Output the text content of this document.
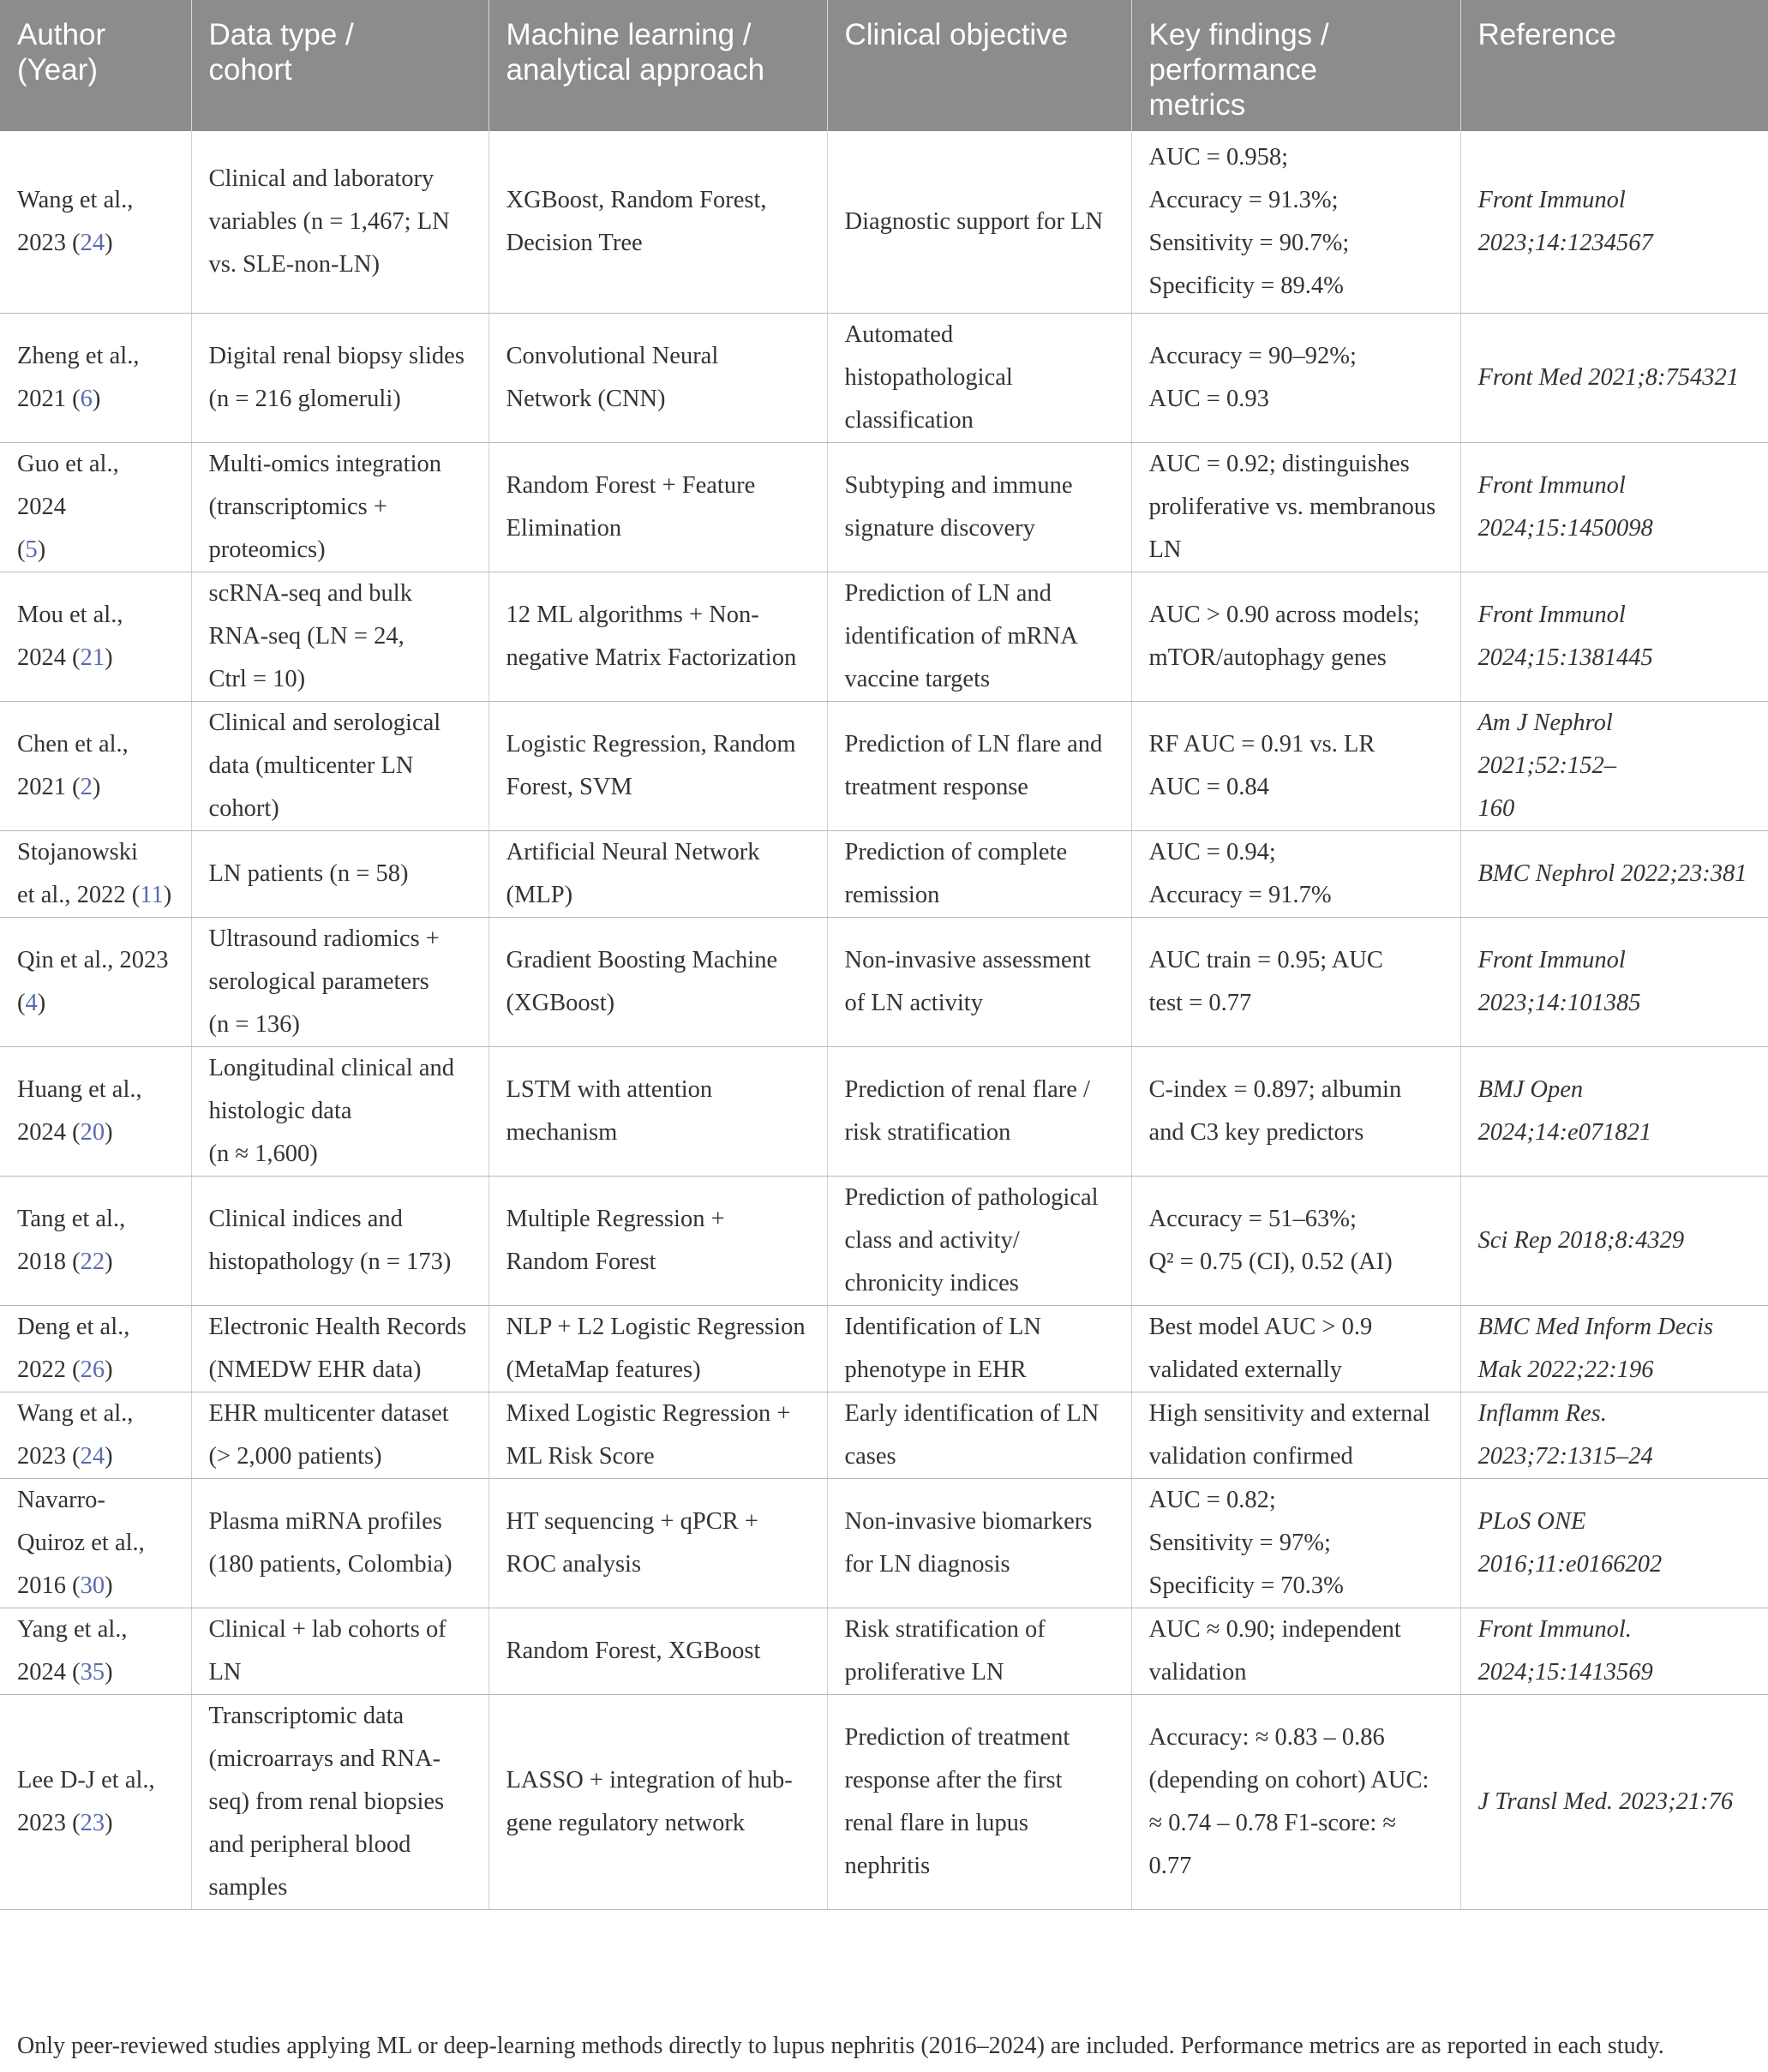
Author
(Year)	Data type /
cohort	Machine learning /
analytical approach	Clinical objective	Key findings /
performance
metrics	Reference

Wang et al.,
2023 (24)	Clinical and laboratory
variables (n = 1,467; LN
vs. SLE-non-LN)	XGBoost, Random Forest,
Decision Tree	Diagnostic support for LN	AUC = 0.958;
Accuracy = 91.3%;
Sensitivity = 90.7%;
Specificity = 89.4%	Front Immunol
2023;14:1234567

Zheng et al.,
2021 (6)	Digital renal biopsy slides
(n = 216 glomeruli)	Convolutional Neural
Network (CNN)	Automated
histopathological
classification	Accuracy = 90–92%;
AUC = 0.93	Front Med 2021;8:754321

Guo et al., 2024
(5)	Multi-omics integration
(transcriptomics +
proteomics)	Random Forest + Feature
Elimination	Subtyping and immune
signature discovery	AUC = 0.92; distinguishes
proliferative vs. membranous
LN	Front Immunol
2024;15:1450098

Mou et al.,
2024 (21)	scRNA-seq and bulk
RNA-seq (LN = 24,
Ctrl = 10)	12 ML algorithms + Non-
negative Matrix Factorization	Prediction of LN and
identification of mRNA
vaccine targets	AUC > 0.90 across models;
mTOR/autophagy genes	Front Immunol
2024;15:1381445

Chen et al.,
2021 (2)	Clinical and serological
data (multicenter LN
cohort)	Logistic Regression, Random
Forest, SVM	Prediction of LN flare and
treatment response	RF AUC = 0.91 vs. LR
AUC = 0.84	Am J Nephrol 2021;52:152–
160

Stojanowski
et al., 2022 (11)	LN patients (n = 58)	Artificial Neural Network
(MLP)	Prediction of complete
remission	AUC = 0.94;
Accuracy = 91.7%	BMC Nephrol 2022;23:381

Qin et al., 2023
(4)	Ultrasound radiomics +
serological parameters
(n = 136)	Gradient Boosting Machine
(XGBoost)	Non-invasive assessment
of LN activity	AUC train = 0.95; AUC
test = 0.77	Front Immunol
2023;14:101385

Huang et al.,
2024 (20)	Longitudinal clinical and
histologic data
(n ≈ 1,600)	LSTM with attention
mechanism	Prediction of renal flare /
risk stratification	C-index = 0.897; albumin
and C3 key predictors	BMJ Open 2024;14:e071821

Tang et al.,
2018 (22)	Clinical indices and
histopathology (n = 173)	Multiple Regression +
Random Forest	Prediction of pathological
class and activity/
chronicity indices	Accuracy = 51–63%;
Q² = 0.75 (CI), 0.52 (AI)	Sci Rep 2018;8:4329

Deng et al.,
2022 (26)	Electronic Health Records
(NMEDW EHR data)	NLP + L2 Logistic Regression
(MetaMap features)	Identification of LN
phenotype in EHR	Best model AUC > 0.9
validated externally	BMC Med Inform Decis
Mak 2022;22:196

Wang et al.,
2023 (24)	EHR multicenter dataset
(> 2,000 patients)	Mixed Logistic Regression +
ML Risk Score	Early identification of LN
cases	High sensitivity and external
validation confirmed	Inflamm Res.
2023;72:1315–24

Navarro-
Quiroz et al.,
2016 (30)	Plasma miRNA profiles
(180 patients, Colombia)	HT sequencing + qPCR +
ROC analysis	Non-invasive biomarkers
for LN diagnosis	AUC = 0.82;
Sensitivity = 97%;
Specificity = 70.3%	PLoS ONE
2016;11:e0166202

Yang et al.,
2024 (35)	Clinical + lab cohorts of
LN	Random Forest, XGBoost	Risk stratification of
proliferative LN	AUC ≈ 0.90; independent
validation	Front Immunol.
2024;15:1413569

Lee D-J et al.,
2023 (23)	Transcriptomic data
(microarrays and RNA-
seq) from renal biopsies
and peripheral blood
samples	LASSO + integration of hub-
gene regulatory network	Prediction of treatment
response after the first
renal flare in lupus
nephritis	Accuracy: ≈ 0.83 – 0.86
(depending on cohort) AUC:
≈ 0.74 – 0.78 F1-score: ≈ 0.77	J Transl Med. 2023;21:76
Only peer-reviewed studies applying ML or deep-learning methods directly to lupus nephritis (2016–2024) are included. Performance metrics are as reported in each study.
